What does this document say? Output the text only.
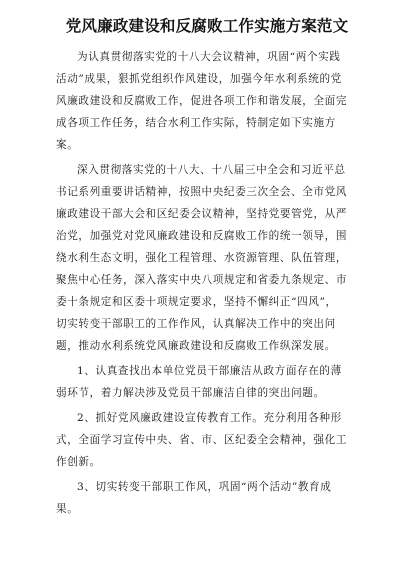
党风廉政建设和反腐败工作实施方案范文
为认真贯彻落实党的十八大会议精神，巩固“两个实践
活动”成果，狠抓党组织作风建设，加强今年水利系统的党
风廉政建设和反腐败工作，促进各项工作和谐发展，全面完
成各项工作任务，结合水利工作实际，特制定如下实施方
案。
深入贯彻落实党的十八大、十八届三中全会和习近平总
书记系列重要讲话精神，按照中央纪委三次全会、全市党风
廉政建设干部大会和区纪委会议精神，坚持党要管党，从严
治党，加强党对党风廉政建设和反腐败工作的统一领导，围
绕水利生态文明，强化工程管理、水资源管理、队伍管理，
聚焦中心任务，深入落实中央八项规定和省委九条规定、市
委十条规定和区委十项规定要求，坚持不懈纠正“四风”，
切实转变干部职工的工作作风，认真解决工作中的突出问
题，推动水利系统党风廉政建设和反腐败工作纵深发展。
1、认真查找出本单位党员干部廉洁从政方面存在的薄
弱环节，着力解决涉及党员干部廉洁自律的突出问题。
2、抓好党风廉政建设宣传教育工作。充分利用各种形
式，全面学习宣传中央、省、市、区纪委全会精神，强化工
作创新。
3、切实转变干部职工作风，巩固“两个活动”教育成
果。
